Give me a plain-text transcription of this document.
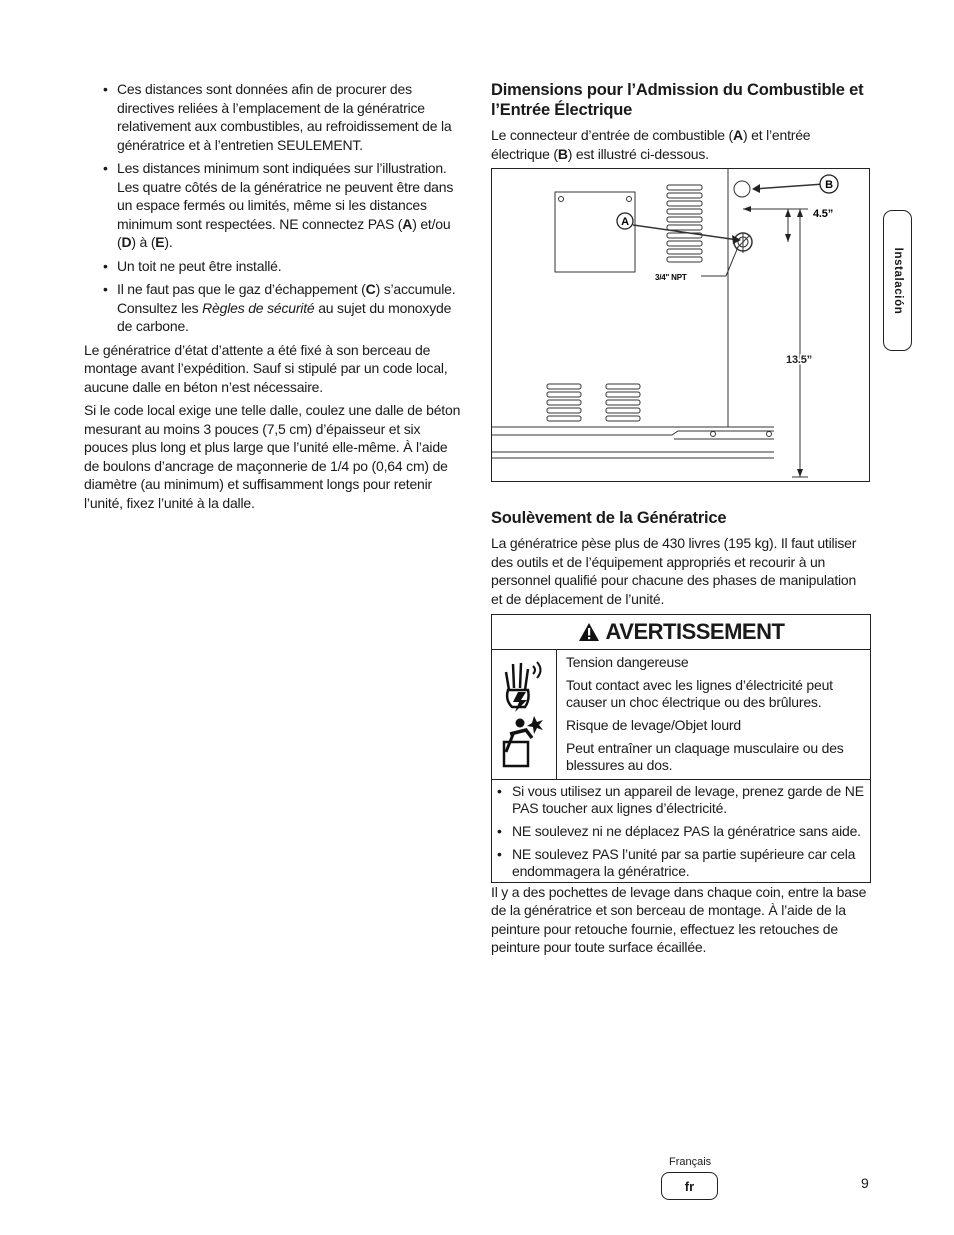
• Ces distances sont données afin de procurer des directives reliées à l’emplacement de la génératrice relativement aux combustibles, au refroidissement de la génératrice et à l’entretien SEULEMENT.
• Les distances minimum sont indiquées sur l’illustration. Les quatre côtés de la génératrice ne peuvent être dans un espace fermés ou limités, même si les distances minimum sont respectées. NE connectez PAS (A) et/ou (D) à (E).
• Un toit ne peut être installé.
• Il ne faut pas que le gaz d’échappement (C) s’accumule. Consultez les Règles de sécurité au sujet du monoxyde de carbone.

Le génératrice d’état d’attente a été fixé à son berceau de montage avant l’expédition. Sauf si stipulé par un code local, aucune dalle en béton n’est nécessaire.

Si le code local exige une telle dalle, coulez une dalle de béton mesurant au moins 3 pouces (7,5 cm) d’épaisseur et six pouces plus long et plus large que l’unité elle-même. À l’aide de boulons d’ancrage de maçonnerie de 1/4 po (0,64 cm) de diamètre (au minimum) et suffisamment longs pour retenir l’unité, fixez l’unité à la dalle.

Dimensions pour l’Admission du Combustible et l’Entrée Électrique

Le connecteur d’entrée de combustible (A) et l’entrée électrique (B) est illustré ci-dessous.

A
B
4.5”
13.5”
3/4" NPT
Soulèvement de la Génératrice

La génératrice pèse plus de 430 livres (195 kg). Il faut utiliser des outils et de l’équipement appropriés et recourir à un personnel qualifié pour chacune des phases de manipulation et de déplacement de l’unité.

AVERTISSEMENT

Tension dangereuse

Tout contact avec les lignes d’électricité peut causer un choc électrique ou des brûlures.

Risque de levage/Objet lourd

Peut entraîner un claquage musculaire ou des blessures au dos.

• Si vous utilisez un appareil de levage, prenez garde de NE PAS toucher aux lignes d’électricité.
• NE soulevez ni ne déplacez PAS la génératrice sans aide.
• NE soulevez PAS l’unité par sa partie supérieure car cela endommagera la génératrice.

Il y a des pochettes de levage dans chaque coin, entre la base de la génératrice et son berceau de montage. À l’aide de la peinture pour retouche fournie, effectuez les retouches de peinture pour toute surface écaillée.

Instalación
Français
fr	9
